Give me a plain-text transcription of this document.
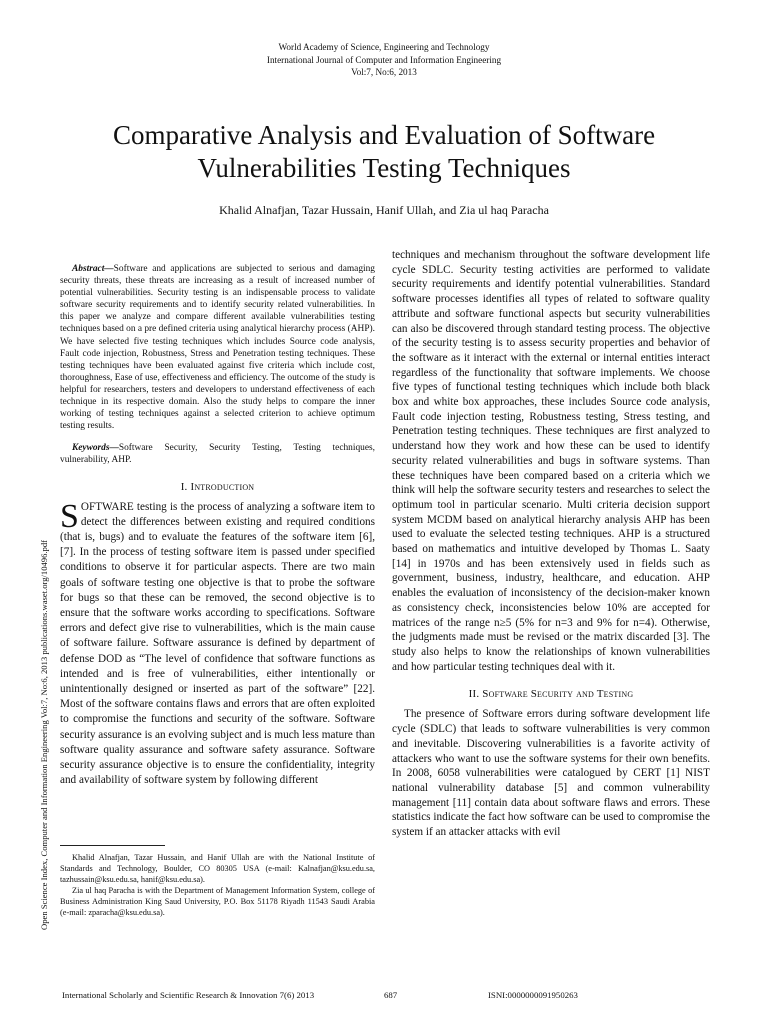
World Academy of Science, Engineering and Technology
International Journal of Computer and Information Engineering
Vol:7, No:6, 2013
Comparative Analysis and Evaluation of Software
Vulnerabilities Testing Techniques
Khalid Alnafjan, Tazar Hussain, Hanif Ullah, and Zia ul haq Paracha
Open Science Index, Computer and Information Engineering Vol:7, No:6, 2013 publications.waset.org/10496.pdf

Abstract—Software and applications are subjected to serious and damaging security threats, these threats are increasing as a result of increased number of potential vulnerabilities. Security testing is an indispensable process to validate software security requirements and to identify security related vulnerabilities. In this paper we analyze and compare different available vulnerabilities testing techniques based on a pre defined criteria using analytical hierarchy process (AHP). We have selected five testing techniques which includes Source code analysis, Fault code injection, Robustness, Stress and Penetration testing techniques. These testing techniques have been evaluated against five criteria which include cost, thoroughness, Ease of use, effectiveness and efficiency. The outcome of the study is helpful for researchers, testers and developers to understand effectiveness of each technique in its respective domain. Also the study helps to compare the inner working of testing techniques against a selected criterion to achieve optimum testing results.

Keywords—Software Security, Security Testing, Testing techniques, vulnerability, AHP.

I. Introduction

SOFTWARE testing is the process of analyzing a software item to detect the differences between existing and required conditions (that is, bugs) and to evaluate the features of the software item [6], [7]. In the process of testing software item is passed under specified conditions to observe it for particular aspects. There are two main goals of software testing one objective is that to probe the software for bugs so that these can be removed, the second objective is to ensure that the software works according to specifications. Software errors and defect give rise to vulnerabilities, which is the main cause of software failure. Software assurance is defined by department of defense DOD as “The level of confidence that software functions as intended and is free of vulnerabilities, either intentionally or unintentionally designed or inserted as part of the software” [22]. Most of the software contains flaws and errors that are often exploited to compromise the functions and security of the software. Software security assurance is an evolving subject and is much less mature than software quality assurance and software safety assurance. Software security assurance objective is to ensure the confidentiality, integrity and availability of software system by following different

Khalid Alnafjan, Tazar Hussain, and Hanif Ullah are with the National Institute of Standards and Technology, Boulder, CO 80305 USA (e-mail: Kalnafjan@ksu.edu.sa, tazhussain@ksu.edu.sa, hanif@ksu.edu.sa).

Zia ul haq Paracha is with the Department of Management Information System, college of Business Administration King Saud University, P.O. Box 51178 Riyadh 11543 Saudi Arabia (e-mail: zparacha@ksu.edu.sa).

techniques and mechanism throughout the software development life cycle SDLC. Security testing activities are performed to validate security requirements and identify potential vulnerabilities. Standard software processes identifies all types of related to software quality attribute and software functional aspects but security vulnerabilities can also be discovered through standard testing process. The objective of the security testing is to assess security properties and behavior of the software as it interact with the external or internal entities interact regardless of the functionality that software implements. We choose five types of functional testing techniques which include both black box and white box approaches, these includes Source code analysis, Fault code injection testing, Robustness testing, Stress testing, and Penetration testing techniques. These techniques are first analyzed to understand how they work and how these can be used to identify security related vulnerabilities and bugs in software systems. Than these techniques have been compared based on a criteria which we think will help the software security testers and researches to select the optimum tool in particular scenario. Multi criteria decision support system MCDM based on analytical hierarchy analysis AHP has been used to evaluate the selected testing techniques. AHP is a structured based on mathematics and intuitive developed by Thomas L. Saaty [14] in 1970s and has been extensively used in fields such as government, business, industry, healthcare, and education. AHP enables the evaluation of inconsistency of the decision-maker known as consistency check, inconsistencies below 10% are accepted for matrices of the range n≥5 (5% for n=3 and 9% for n=4). Otherwise, the judgments made must be revised or the matrix discarded [3]. The study also helps to know the relationships of known vulnerabilities and how particular testing techniques deal with it.

II. Software Security and Testing

The presence of Software errors during software development life cycle (SDLC) that leads to software vulnerabilities is very common and inevitable. Discovering vulnerabilities is a favorite activity of attackers who want to use the software systems for their own benefits. In 2008, 6058 vulnerabilities were catalogued by CERT [1] NIST national vulnerability database [5] and common vulnerability management [11] contain data about software flaws and errors. These statistics indicate the fact how software can be used to compromise the system if an attacker attacks with evil

International Scholarly and Scientific Research & Innovation 7(6) 2013	687	ISNI:0000000091950263
